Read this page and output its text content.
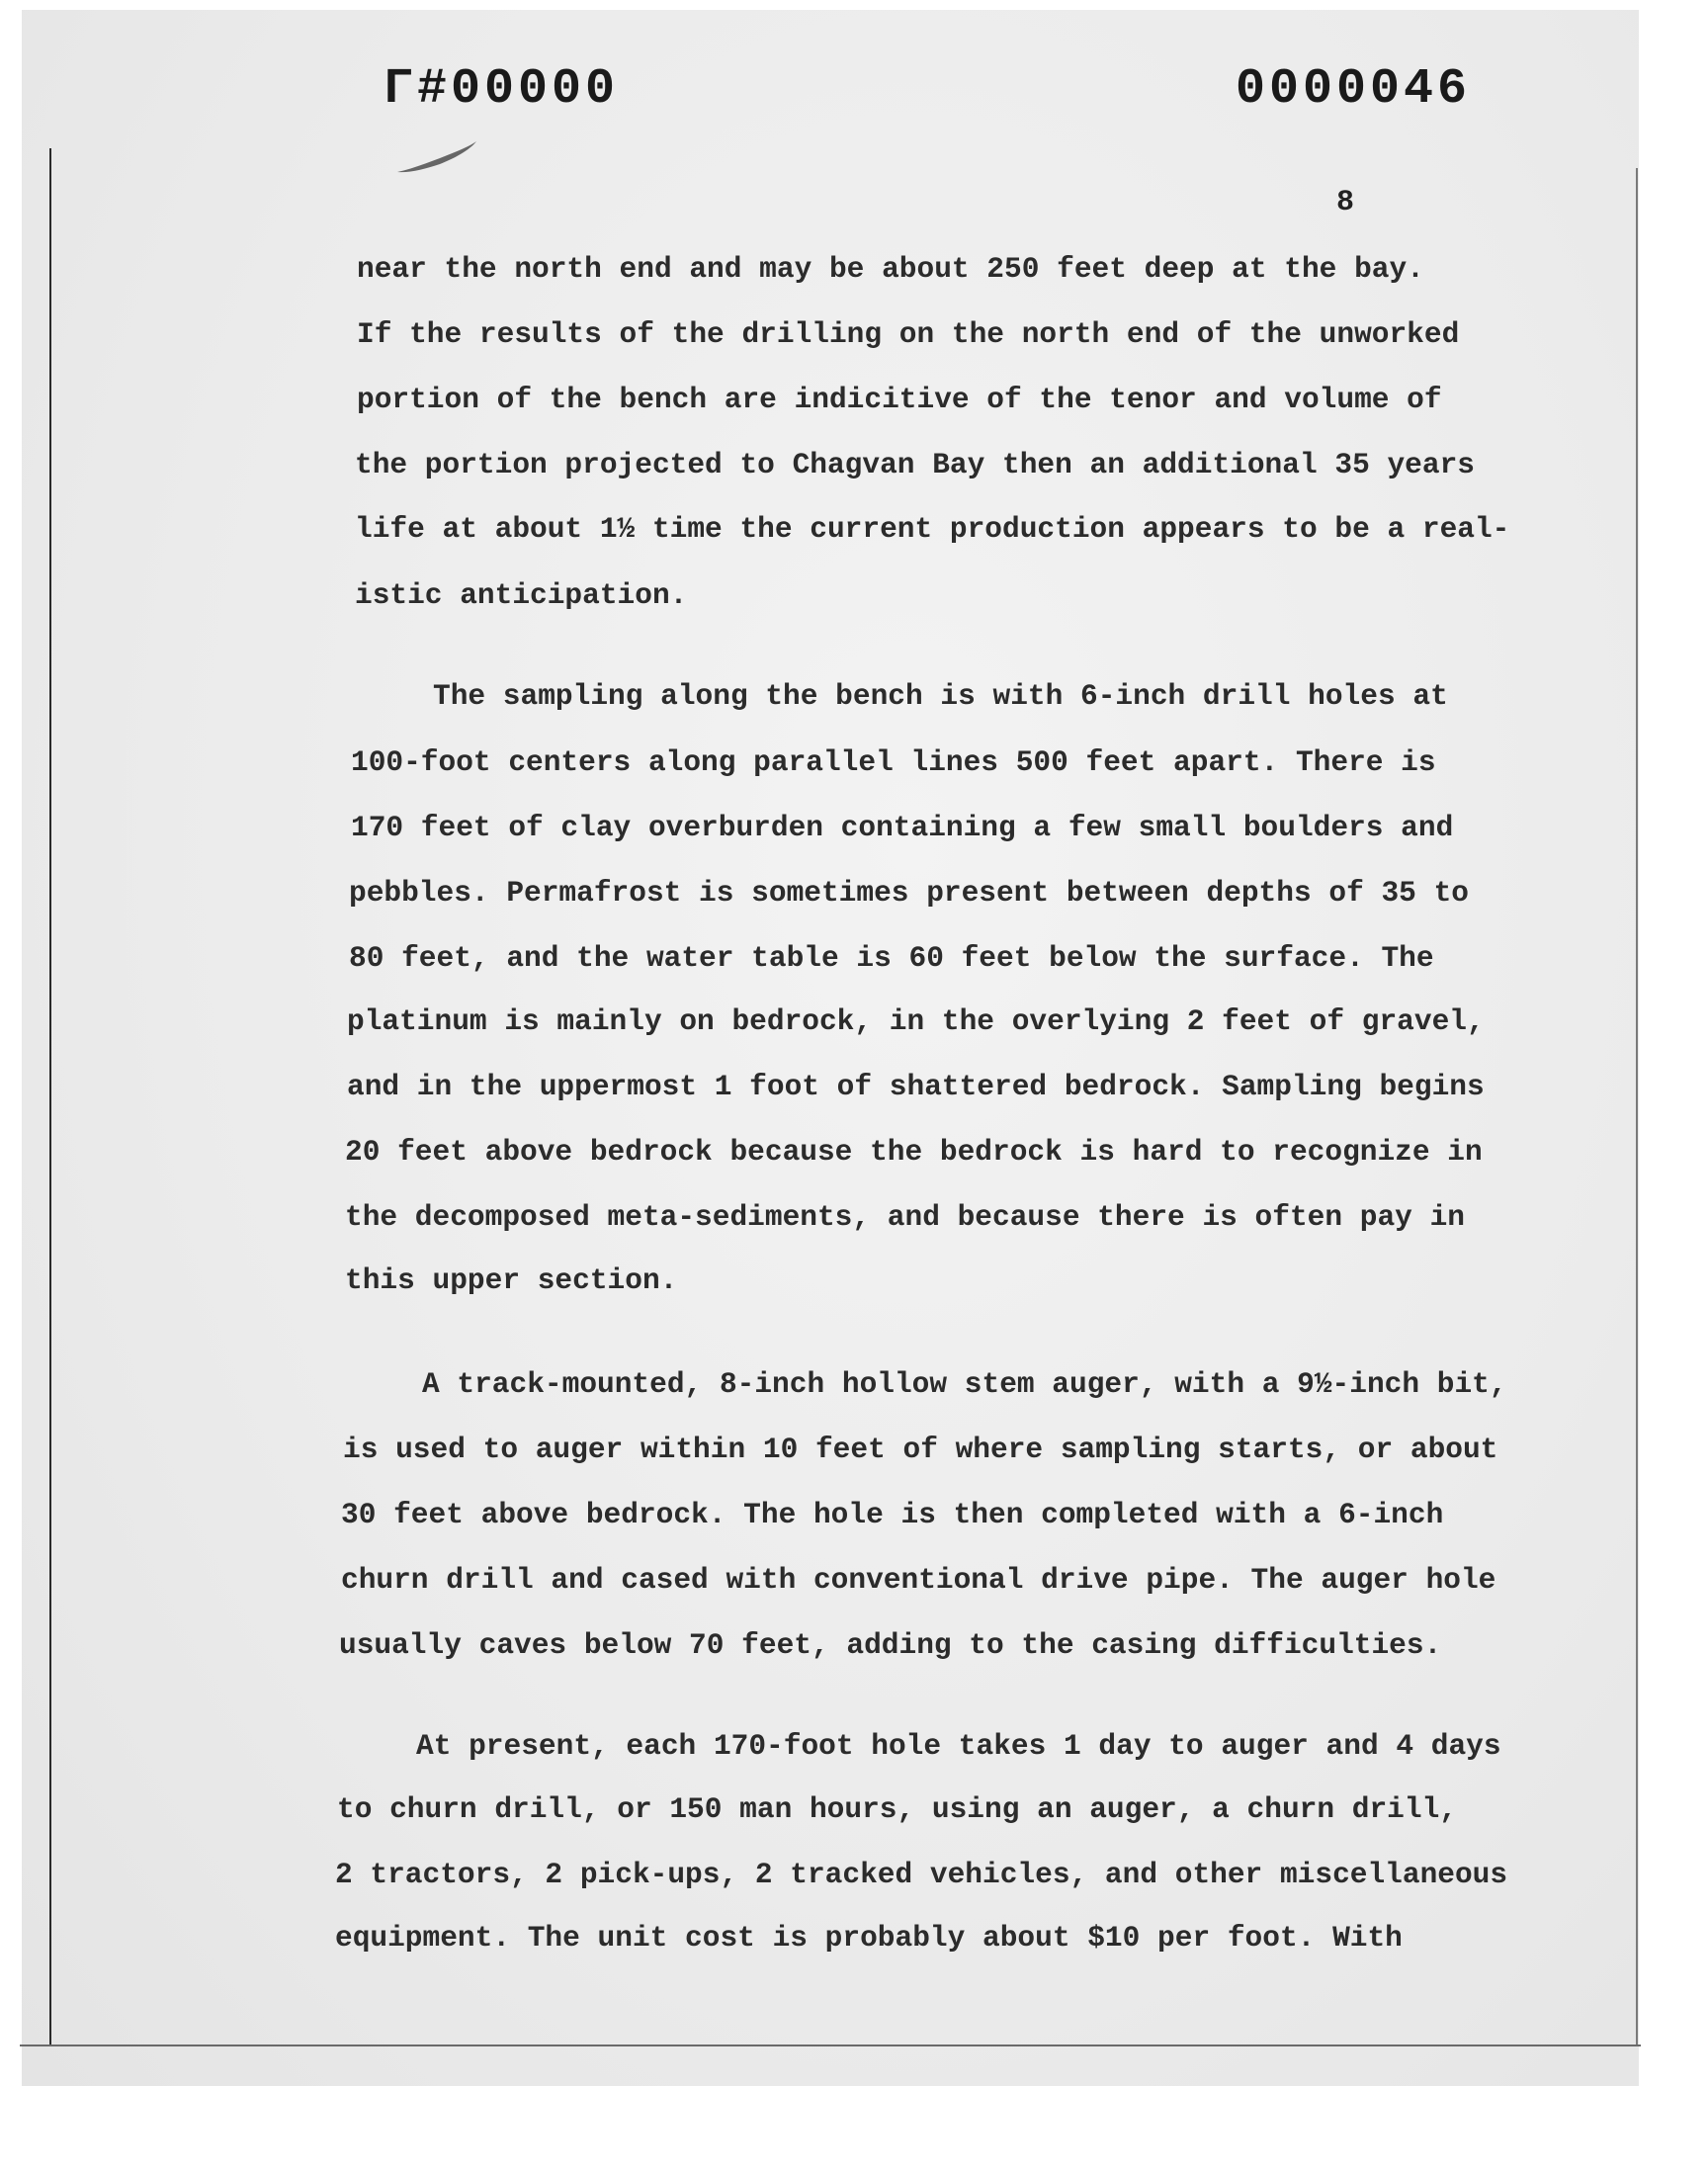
Γ#00000	0000046
8
near the north end and may be about 250 feet deep at the bay.
If the results of the drilling on the north end of the unworked
portion of the bench are indicitive of the tenor and volume of
the portion projected to Chagvan Bay then an additional 35 years
life at about 1½ time the current production appears to be a real-
istic anticipation.
The sampling along the bench is with 6-inch drill holes at
100-foot centers along parallel lines 500 feet apart. There is
170 feet of clay overburden containing a few small boulders and
pebbles. Permafrost is sometimes present between depths of 35 to
80 feet, and the water table is 60 feet below the surface. The
platinum is mainly on bedrock, in the overlying 2 feet of gravel,
and in the uppermost 1 foot of shattered bedrock. Sampling begins
20 feet above bedrock because the bedrock is hard to recognize in
the decomposed meta-sediments, and because there is often pay in
this upper section.
A track-mounted, 8-inch hollow stem auger, with a 9½-inch bit,
is used to auger within 10 feet of where sampling starts, or about
30 feet above bedrock. The hole is then completed with a 6-inch
churn drill and cased with conventional drive pipe. The auger hole
usually caves below 70 feet, adding to the casing difficulties.
At present, each 170-foot hole takes 1 day to auger and 4 days
to churn drill, or 150 man hours, using an auger, a churn drill,
2 tractors, 2 pick-ups, 2 tracked vehicles, and other miscellaneous
equipment. The unit cost is probably about $10 per foot. With
